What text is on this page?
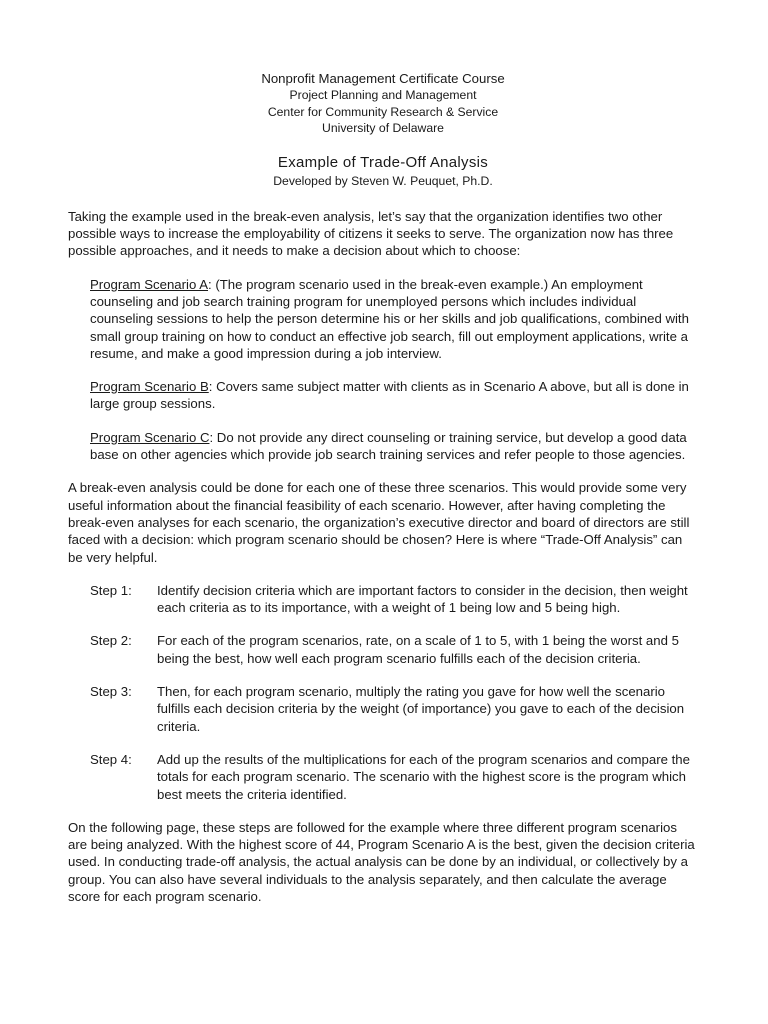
Nonprofit Management Certificate Course
Project Planning and Management
Center for Community Research & Service
University of Delaware
Example of Trade-Off Analysis
Developed by Steven W. Peuquet, Ph.D.

Taking the example used in the break-even analysis, let’s say that the organization identifies two other possible ways to increase the employability of citizens it seeks to serve. The organization now has three possible approaches, and it needs to make a decision about which to choose:

Program Scenario A: (The program scenario used in the break-even example.) An employment counseling and job search training program for unemployed persons which includes individual counseling sessions to help the person determine his or her skills and job qualifications, combined with small group training on how to conduct an effective job search, fill out employment applications, write a resume, and make a good impression during a job interview.

Program Scenario B: Covers same subject matter with clients as in Scenario A above, but all is done in large group sessions.

Program Scenario C: Do not provide any direct counseling or training service, but develop a good data base on other agencies which provide job search training services and refer people to those agencies.

A break-even analysis could be done for each one of these three scenarios. This would provide some very useful information about the financial feasibility of each scenario. However, after having completing the break-even analyses for each scenario, the organization’s executive director and board of directors are still faced with a decision: which program scenario should be chosen? Here is where “Trade-Off Analysis” can be very helpful.

Step 1:	Identify decision criteria which are important factors to consider in the decision, then weight each criteria as to its importance, with a weight of 1 being low and 5 being high.
Step 2:	For each of the program scenarios, rate, on a scale of 1 to 5, with 1 being the worst and 5 being the best, how well each program scenario fulfills each of the decision criteria.
Step 3:	Then, for each program scenario, multiply the rating you gave for how well the scenario fulfills each decision criteria by the weight (of importance) you gave to each of the decision criteria.
Step 4:	Add up the results of the multiplications for each of the program scenarios and compare the totals for each program scenario. The scenario with the highest score is the program which best meets the criteria identified.

On the following page, these steps are followed for the example where three different program scenarios are being analyzed. With the highest score of 44, Program Scenario A is the best, given the decision criteria used. In conducting trade-off analysis, the actual analysis can be done by an individual, or collectively by a group. You can also have several individuals to the analysis separately, and then calculate the average score for each program scenario.
